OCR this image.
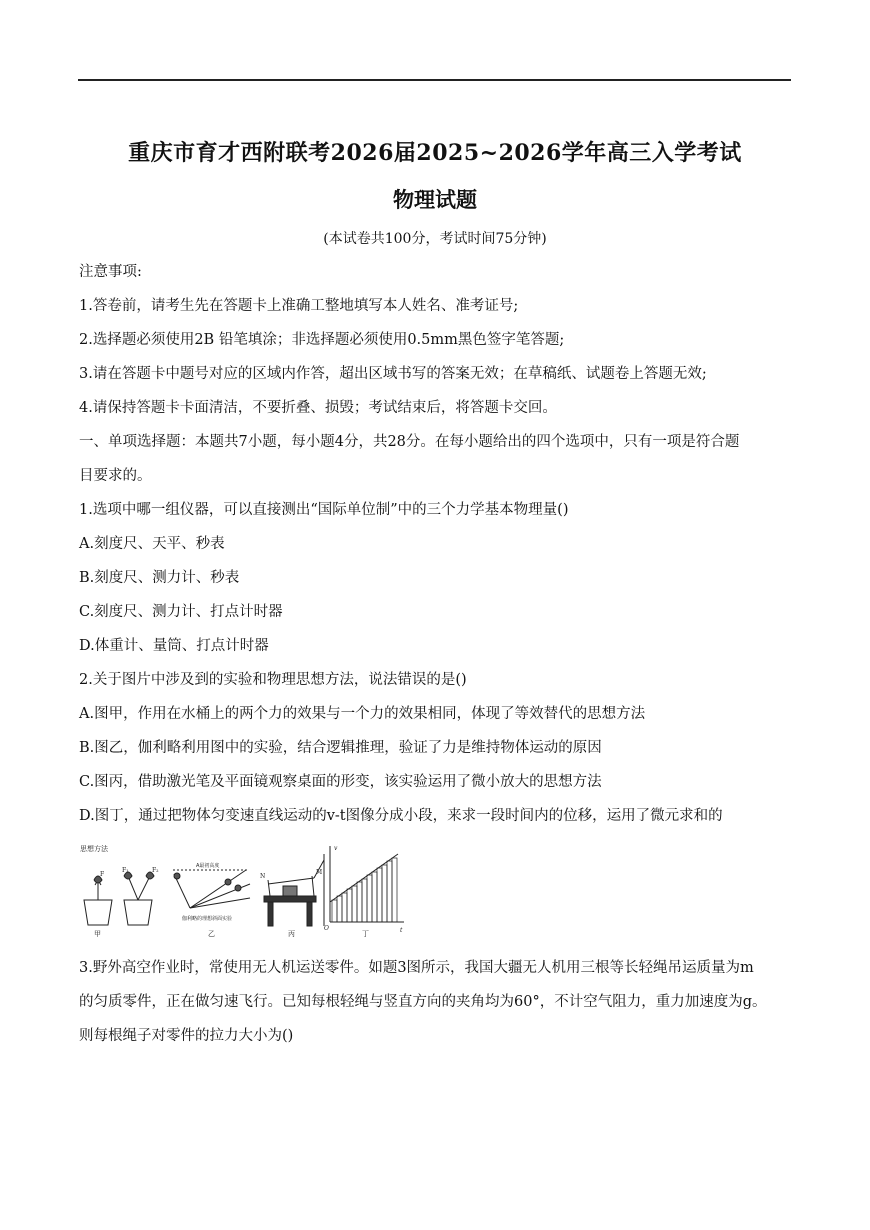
重庆市育才西附联考2026届2025~2026学年高三入学考试
物理试题
(本试卷共100分，考试时间75分钟)
注意事项:
1.答卷前，请考生先在答题卡上准确工整地填写本人姓名、准考证号;
2.选择题必须使用2B 铅笔填涂；非选择题必须使用0.5mm黑色签字笔答题;
3.请在答题卡中题号对应的区域内作答，超出区域书写的答案无效；在草稿纸、试题卷上答题无效;
4.请保持答题卡卡面清洁，不要折叠、损毁；考试结束后，将答题卡交回。
一、单项选择题：本题共7小题，每小题4分，共28分。在每小题给出的四个选项中，只有一项是符合题
目要求的。
1.选项中哪一组仪器，可以直接测出“国际单位制”中的三个力学基本物理量()
A.刻度尺、天平、秒表
B.刻度尺、测力计、秒表
C.刻度尺、测力计、打点计时器
D.体重计、量筒、打点计时器
2.关于图片中涉及到的实验和物理思想方法，说法错误的是()
A.图甲，作用在水桶上的两个力的效果与一个力的效果相同，体现了等效替代的思想方法
B.图乙，伽利略利用图中的实验，结合逻辑推理，验证了力是维持物体运动的原因
C.图丙，借助激光笔及平面镜观察桌面的形变，该实验运用了微小放大的思想方法
D.图丁，通过把物体匀变速直线运动的v-t图像分成小段，来求一段时间内的位移，运用了微元求和的
思想方法
F
F₁	F₂
甲
A最初高度
伽利略的理想斜面实验
乙
N
M
丙
v
t
O
丁
3.野外高空作业时，常使用无人机运送零件。如题3图所示，我国大疆无人机用三根等长轻绳吊运质量为m
的匀质零件，正在做匀速飞行。已知每根轻绳与竖直方向的夹角均为60°，不计空气阻力，重力加速度为g。
则每根绳子对零件的拉力大小为()
